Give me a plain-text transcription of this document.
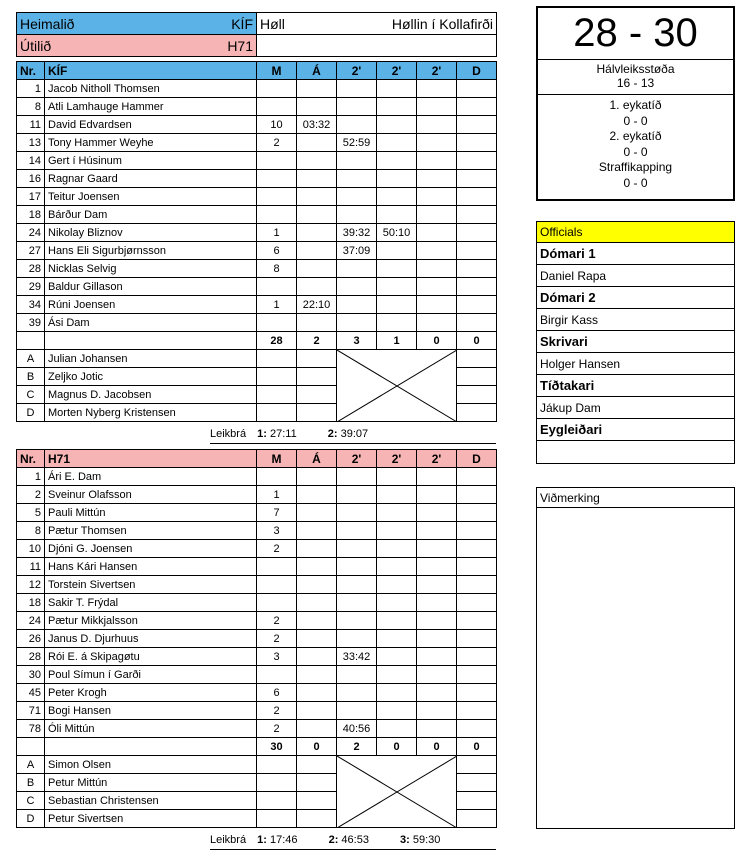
Heimalið KÍF	Høll Høllin í Kollafirði

Útilið H71	

Nr.	KÍF	M	Á	2'	2'	2'	D
1	Jacob Nitholl Thomsen						
8	Atli Lamhauge Hammer						
11	David Edvardsen	10	03:32				
13	Tony Hammer Weyhe	2		52:59			
14	Gert í Húsinum						
16	Ragnar Gaard						
17	Teitur Joensen						
18	Bárður Dam						
24	Nikolay Bliznov	1		39:32	50:10		
27	Hans Eli Sigurbjørnsson	6		37:09			
28	Nicklas Selvig	8					
29	Baldur Gillason						
34	Rúni Joensen	1	22:10				
39	Ási Dam						
		28	2	3	1	0	0
A	Julian Johansen			

B	Zeljko Jotic						
C	Magnus D. Jacobsen						
D	Morten Nyberg Kristensen						
Leikbrá 1: 27:11	2: 39:07
Nr.	H71	M	Á	2'	2'	2'	D
1	Ári E. Dam						
2	Sveinur Olafsson	1					
5	Pauli Mittún	7					
8	Pætur Thomsen	3					
10	Djóni G. Joensen	2					
11	Hans Kári Hansen						
12	Torstein Sivertsen						
18	Sakir T. Frýdal						
24	Pætur Mikkjalsson	2					
26	Janus D. Djurhuus	2					
28	Rói E. á Skipagøtu	3		33:42			
30	Poul Símun í Garði						
45	Peter Krogh	6					
71	Bogi Hansen	2					
78	Óli Mittún	2		40:56			
		30	0	2	0	0	0
A	Simon Olsen			

B	Petur Mittún						
C	Sebastian Christensen						
D	Petur Sivertsen						
Leikbrá 1: 17:46	2: 46:53	3: 59:30
28 - 30
Hálvleiksstøða
16 - 13
1. eykatíð
0 - 0
2. eykatíð
0 - 0
Straffikapping
0 - 0
Officials
Dómari 1
Daniel Rapa
Dómari 2
Birgir Kass
Skrivari
Holger Hansen
Tíðtakari
Jákup Dam
Eygleiðari
Viðmerking
